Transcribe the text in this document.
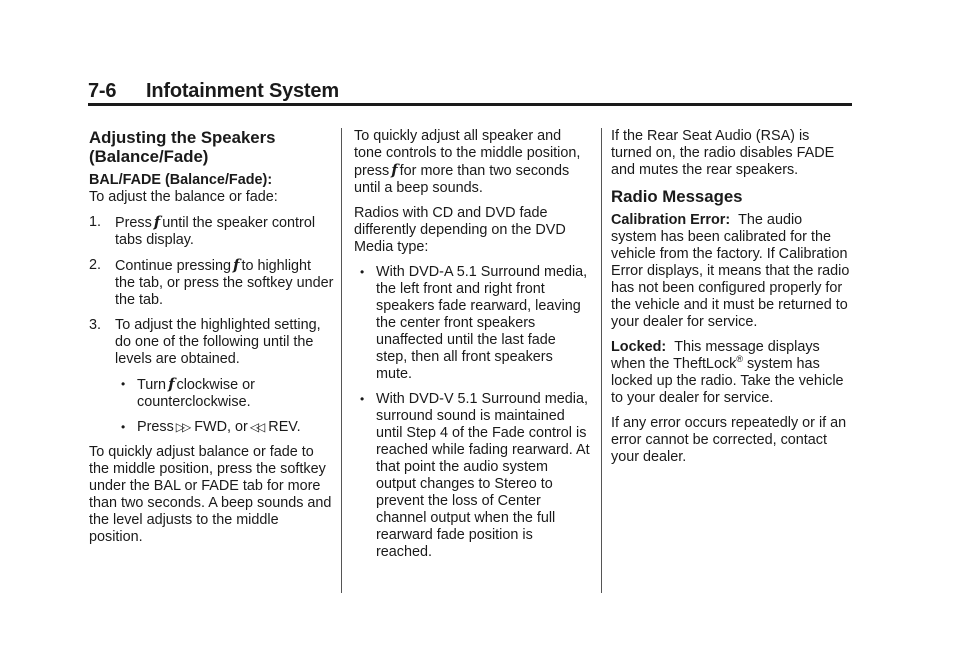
7-6 Infotainment System
Adjusting the Speakers (Balance/Fade)
BAL/FADE (Balance/Fade):

To adjust the balance or fade:

1. Press f until the speaker control tabs display.
2. Continue pressing f to highlight the tab, or press the softkey under the tab.
3. To adjust the highlighted setting, do one of the following until the levels are obtained.
• Turn f clockwise or counterclockwise.
• Press ▷▷ FWD, or ◁◁ REV.

To quickly adjust balance or fade to the middle position, press the softkey under the BAL or FADE tab for more than two seconds. A beep sounds and the level adjusts to the middle position.

To quickly adjust all speaker and tone controls to the middle position, press f for more than two seconds until a beep sounds.

Radios with CD and DVD fade differently depending on the DVD Media type:

• With DVD-A 5.1 Surround media, the left front and right front speakers fade rearward, leaving the center front speakers unaffected until the last fade step, then all front speakers mute.
• With DVD-V 5.1 Surround media, surround sound is maintained until Step 4 of the Fade control is reached while fading rearward. At that point the audio system output changes to Stereo to prevent the loss of Center channel output when the full rearward fade position is reached.

If the Rear Seat Audio (RSA) is turned on, the radio disables FADE and mutes the rear speakers.

Radio Messages

Calibration Error: The audio system has been calibrated for the vehicle from the factory. If Calibration Error displays, it means that the radio has not been configured properly for the vehicle and it must be returned to your dealer for service.

Locked: This message displays when the TheftLock® system has locked up the radio. Take the vehicle to your dealer for service.

If any error occurs repeatedly or if an error cannot be corrected, contact your dealer.
